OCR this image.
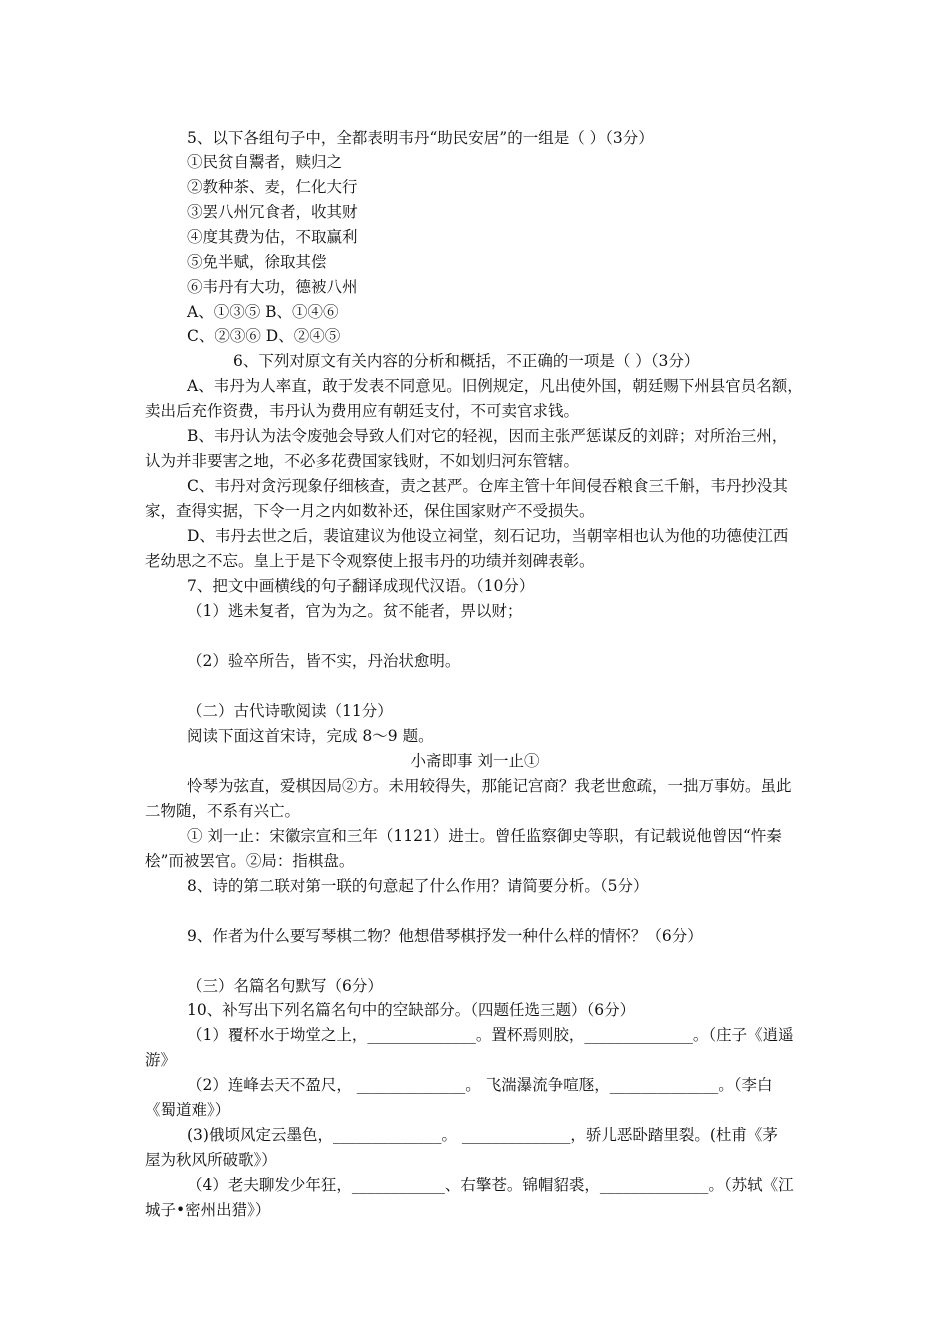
5、以下各组句子中，全都表明韦丹“助民安居”的一组是（ ）（3分）
①民贫自鬻者，赎归之
②教种茶、麦，仁化大行
③罢八州冗食者，收其财
④度其费为估，不取赢利
⑤免半赋，徐取其偿
⑥韦丹有大功，德被八州
A、①③⑤ B、①④⑥
C、②③⑥ D、②④⑤
6、下列对原文有关内容的分析和概括，不正确的一项是（ ）（3分）
A、韦丹为人率直，敢于发表不同意见。旧例规定，凡出使外国，朝廷赐下州县官员名额，
卖出后充作资费，韦丹认为费用应有朝廷支付，不可卖官求钱。
B、韦丹认为法令废弛会导致人们对它的轻视，因而主张严惩谋反的刘辟；对所治三州，
认为并非要害之地，不必多花费国家钱财，不如划归河东管辖。
C、韦丹对贪污现象仔细核查，责之甚严。仓库主管十年间侵吞粮食三千斛，韦丹抄没其
家，查得实据，下令一月之内如数补还，保住国家财产不受损失。
D、韦丹去世之后，裴谊建议为他设立祠堂，刻石记功，当朝宰相也认为他的功德使江西
老幼思之不忘。皇上于是下令观察使上报韦丹的功绩并刻碑表彰。
7、把文中画横线的句子翻译成现代汉语。（10分）
（1）逃未复者，官为为之。贫不能者，畀以财；
（2）验卒所告，皆不实，丹治状愈明。
（二）古代诗歌阅读（11分）
阅读下面这首宋诗，完成 8～9 题。
小斋即事 刘一止①
怜琴为弦直，爱棋因局②方。未用较得失，那能记宫商？我老世愈疏，一拙万事妨。虽此
二物随，不系有兴亡。
① 刘一止：宋徽宗宣和三年（1121）进士。曾任监察御史等职，有记载说他曾因“忤秦
桧”而被罢官。②局：指棋盘。
8、诗的第二联对第一联的句意起了什么作用？请简要分析。（5分）
9、作者为什么要写琴棋二物？他想借琴棋抒发一种什么样的情怀？（6分）
（三）名篇名句默写（6分）
10、补写出下列名篇名句中的空缺部分。（四题任选三题）（6分）
（1）覆杯水于坳堂之上，______________。置杯焉则胶，______________。（庄子《逍遥
游》
（2）连峰去天不盈尺， ______________。 飞湍瀑流争喧豗，______________。（李白
《蜀道难》）
(3)俄顷风定云墨色，______________。 ______________，骄儿恶卧踏里裂。(杜甫《茅
屋为秋风所破歌》）
（4）老夫聊发少年狂，____________、右擎苍。锦帽貂裘，______________。（苏轼《江
城子•密州出猎》）
